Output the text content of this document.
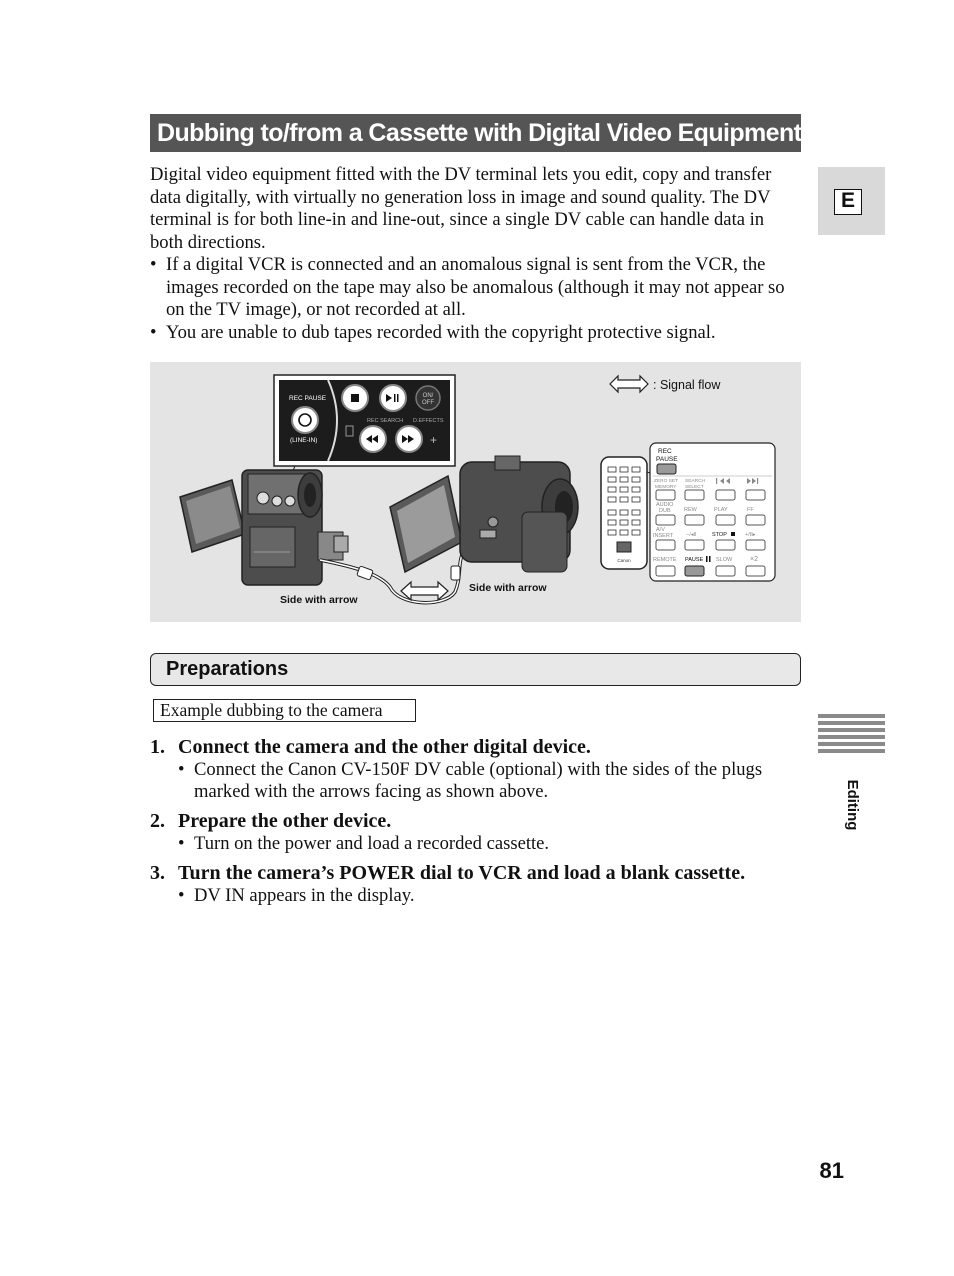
Dubbing to/from a Cassette with Digital Video Equipment

Digital video equipment fitted with the DV terminal lets you edit, copy and transfer data digitally, with virtually no generation loss in image and sound quality. The DV terminal is for both line-in and line-out, since a single DV cable can handle data in both directions.

• If a digital VCR is connected and an anomalous signal is sent from the VCR, the images recorded on the tape may also be anomalous (although it may not appear so on the TV image), or not recorded at all.
• You are unable to dub tapes recorded with the copyright protective signal.
: Signal flow
REC PAUSE
(LINE-IN)
ON/
OFF
REC SEARCH D.EFFECTS
−	+
Canon
REC
PAUSE
ZERO SET
MEMORY
SEARCH
SELECT
AUDIO
DUB REW	PLAY	FF
A/V
INSERT −/◂II	STOP	+/II▸
REMOTE PAUSE SLOW	×2
Side with arrow
Side with arrow
Preparations
Example dubbing to the camera
1. Connect the camera and the other digital device.
• Connect the Canon CV-150F DV cable (optional) with the sides of the plugs marked with the arrows facing as shown above.
2. Prepare the other device.
• Turn on the power and load a recorded cassette.
3. Turn the camera’s POWER dial to VCR and load a blank cassette.
• DV IN appears in the display.
E
Editing
81
